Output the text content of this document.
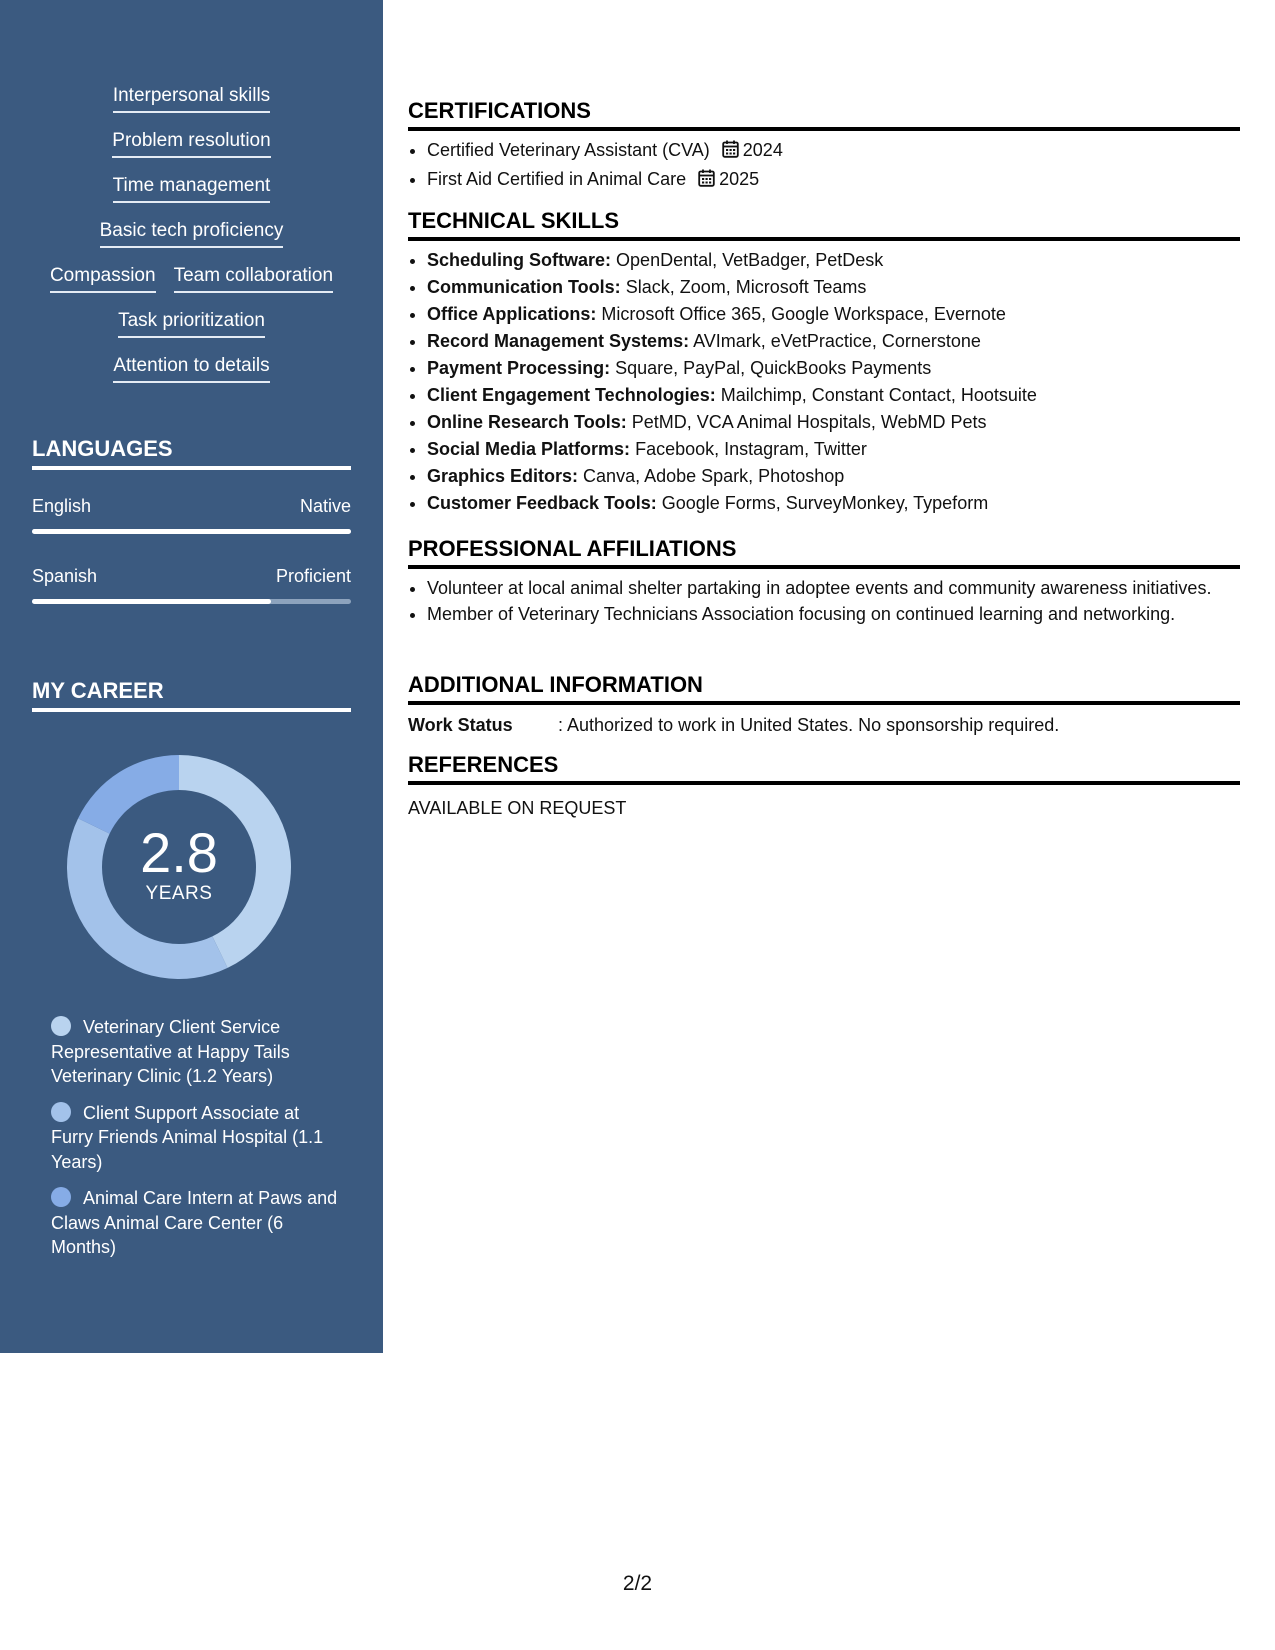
Interpersonal skills
Problem resolution
Time management
Basic tech proficiency
Compassion Team collaboration
Task prioritization
Attention to details
LANGUAGES
English	Native
Spanish	Proficient
MY CAREER
2.8
YEARS
Veterinary Client Service Representative at Happy Tails Veterinary Clinic (1.2 Years)
Client Support Associate at Furry Friends Animal Hospital (1.1 Years)
Animal Care Intern at Paws and Claws Animal Care Center (6 Months)
CERTIFICATIONS
• Certified Veterinary Assistant (CVA) 2024
• First Aid Certified in Animal Care 2025
TECHNICAL SKILLS
• Scheduling Software: OpenDental, VetBadger, PetDesk
• Communication Tools: Slack, Zoom, Microsoft Teams
• Office Applications: Microsoft Office 365, Google Workspace, Evernote
• Record Management Systems: AVImark, eVetPractice, Cornerstone
• Payment Processing: Square, PayPal, QuickBooks Payments
• Client Engagement Technologies: Mailchimp, Constant Contact, Hootsuite
• Online Research Tools: PetMD, VCA Animal Hospitals, WebMD Pets
• Social Media Platforms: Facebook, Instagram, Twitter
• Graphics Editors: Canva, Adobe Spark, Photoshop
• Customer Feedback Tools: Google Forms, SurveyMonkey, Typeform
PROFESSIONAL AFFILIATIONS
• Volunteer at local animal shelter partaking in adoptee events and community awareness initiatives.
• Member of Veterinary Technicians Association focusing on continued learning and networking.
ADDITIONAL INFORMATION
Work Status	: Authorized to work in United States. No sponsorship required.
REFERENCES
AVAILABLE ON REQUEST
2/2
